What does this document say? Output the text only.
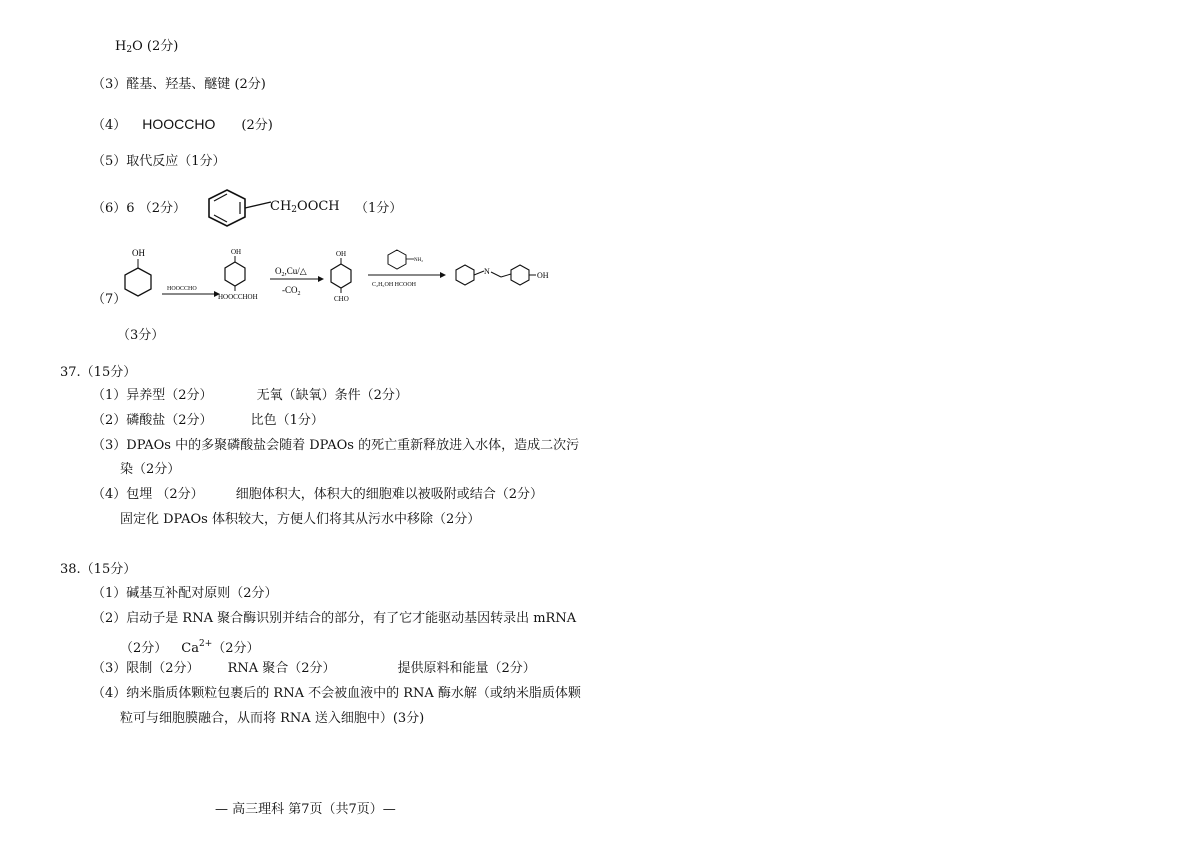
$H_2O$ (2分)
（3）醛基、羟基、醚键 (2分)
（4） HOOCCHO (2分)
（5）取代反应（1分）
（6）6 （2分）	$CH_2OOCH$ （1分）
（7）
OH
HOOCCHO
OH
HOOCCHOH
$O_2,Cu/\triangle$
$-CO_2$
OH
CHO
NH₂
C₂H₅OH HCOOH
N	OH
（3分）
37.（15分）
（1）异养型（2分）	无氧（缺氧）条件（2分）
（2）磷酸盐（2分）	比色（1分）
（3）DPAOs 中的多聚磷酸盐会随着 DPAOs 的死亡重新释放进入水体，造成二次污
染（2分）
（4）包埋 （2分） 细胞体积大，体积大的细胞难以被吸附或结合（2分）
固定化 DPAOs 体积较大，方便人们将其从污水中移除（2分）
38.（15分）
（1）碱基互补配对原则（2分）
（2）启动子是 RNA 聚合酶识别并结合的部分，有了它才能驱动基因转录出 mRNA
（2分） $Ca^{2+}(2$分）
（3）限制（2分） RNA 聚合（2分）	提供原料和能量（2分）
（4）纳米脂质体颗粒包裹后的 RNA 不会被血液中的 RNA 酶水解（或纳米脂质体颗
粒可与细胞膜融合，从而将 RNA 送入细胞中）(3分)
— 高三理科 第7页（共7页）—
